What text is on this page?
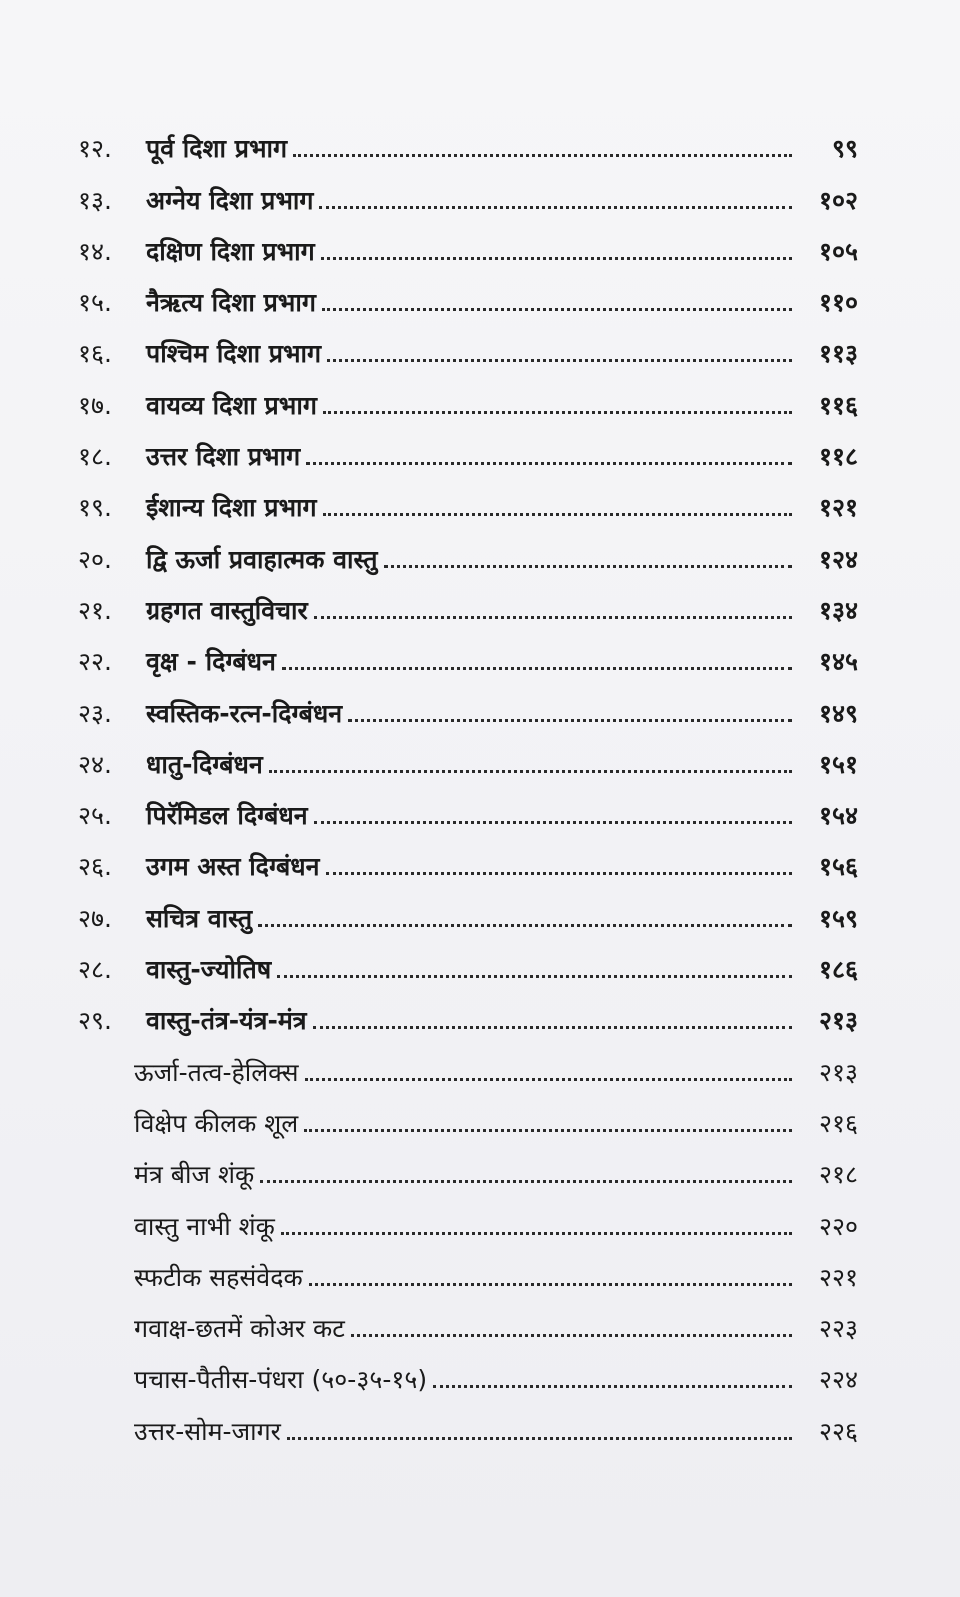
१२.	पूर्व दिशा प्रभाग	९९
१३.	अग्नेय दिशा प्रभाग	१०२
१४.	दक्षिण दिशा प्रभाग	१०५
१५.	नैऋत्य दिशा प्रभाग	११०
१६.	पश्चिम दिशा प्रभाग	११३
१७.	वायव्य दिशा प्रभाग	११६
१८.	उत्तर दिशा प्रभाग	११८
१९.	ईशान्य दिशा प्रभाग	१२१
२०.	द्वि ऊर्जा प्रवाहात्मक वास्तु	१२४
२१.	ग्रहगत वास्तुविचार	१३४
२२.	वृक्ष - दिग्बंधन	१४५
२३.	स्वस्तिक-रत्न-दिग्बंधन	१४९
२४.	धातु-दिग्बंधन	१५१
२५.	पिरॅमिडल दिग्बंधन	१५४
२६.	उगम अस्त दिग्बंधन	१५६
२७.	सचित्र वास्तु	१५९
२८.	वास्तु-ज्योतिष	१८६
२९.	वास्तु-तंत्र-यंत्र-मंत्र	२१३
ऊर्जा-तत्व-हेलिक्स	२१३
विक्षेप कीलक शूल	२१६
मंत्र बीज शंकू	२१८
वास्तु नाभी शंकू	२२०
स्फटीक सहसंवेदक	२२१
गवाक्ष-छतमें कोअर कट	२२३
पचास-पैतीस-पंधरा (५०-३५-१५)	२२४
उत्तर-सोम-जागर	२२६
